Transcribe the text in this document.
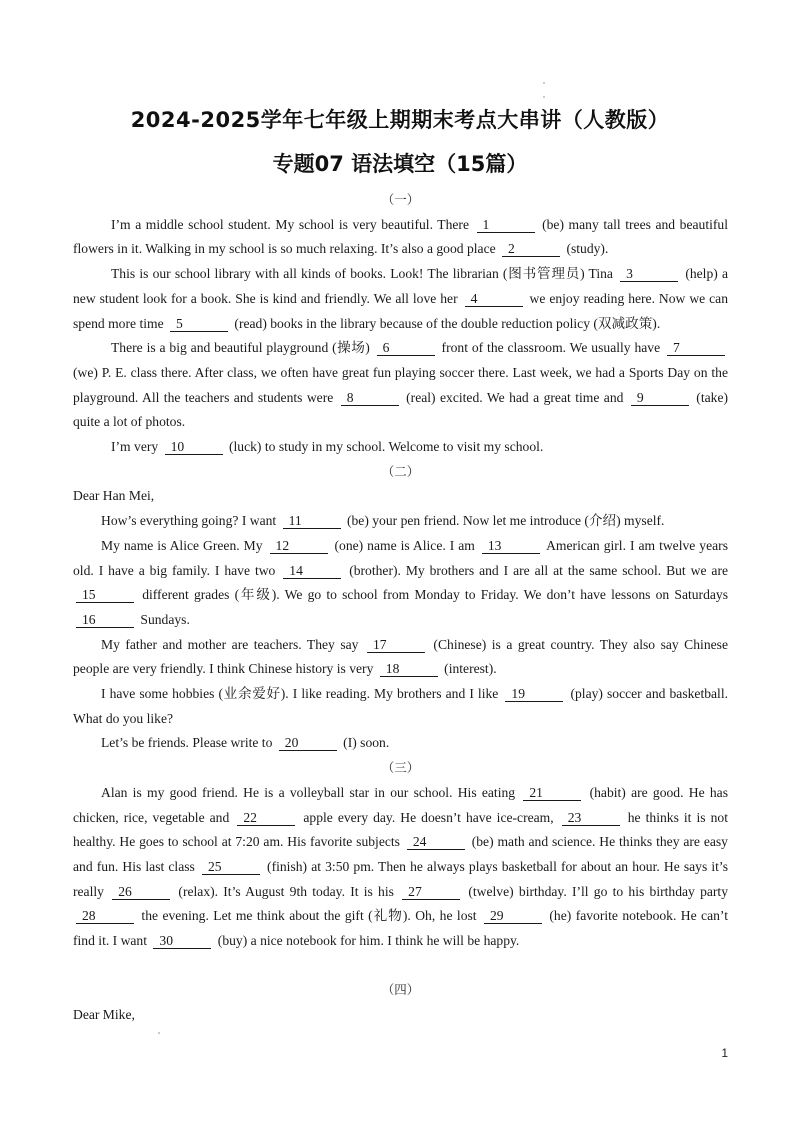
2024-2025学年七年级上期期末考点大串讲（人教版）
专题07 语法填空（15篇）
（一）

I’m a middle school student. My school is very beautiful. There 1	(be) many tall trees and beautiful flowers in it. Walking in my school is so much relaxing. It’s also a good place 2	(study).

This is our school library with all kinds of books. Look! The librarian (图书管理员) Tina 3	(help) a new student look for a book. She is kind and friendly. We all love her 4	we enjoy reading here. Now we can spend more time 5	(read) books in the library because of the double reduction policy (双减政策).

There is a big and beautiful playground (操场) 6	front of the classroom. We usually have 7 (we) P. E. class there. After class, we often have great fun playing soccer there. Last week, we had a Sports Day on the playground. All the teachers and students were 8	(real) excited. We had a great time and 9	(take) quite a lot of photos.

I’m very 10	(luck) to study in my school. Welcome to visit my school.

（二）

Dear Han Mei,

How’s everything going? I want 11	(be) your pen friend. Now let me introduce (介绍) myself.

My name is Alice Green. My 12	(one) name is Alice. I am 13	American girl. I am twelve years old. I have a big family. I have two 14	(brother). My brothers and I are all at the same school. But we are 15	different grades (年级). We go to school from Monday to Friday. We don’t have lessons on Saturdays 16	Sundays.

My father and mother are teachers. They say 17	(Chinese) is a great country. They also say Chinese people are very friendly. I think Chinese history is very 18	(interest).

I have some hobbies (业余爱好). I like reading. My brothers and I like 19	(play) soccer and basketball. What do you like?

Let’s be friends. Please write to 20	(I) soon.

（三）

Alan is my good friend. He is a volleyball star in our school. His eating 21	(habit) are good. He has chicken, rice, vegetable and 22	apple every day. He doesn’t have ice-cream, 23	he thinks it is not healthy. He goes to school at 7:20 am. His favorite subjects 24	(be) math and science. He thinks they are easy and fun. His last class 25	(finish) at 3:50 pm. Then he always plays basketball for about an hour. He says it’s really 26	(relax). It’s August 9th today. It is his 27	(twelve) birthday. I’ll go to his birthday party 28	the evening. Let me think about the gift (礼物). Oh, he lost 29	(he) favorite notebook. He can’t find it. I want 30	(buy) a nice notebook for him. I think he will be happy.

（四）

Dear Mike,

1
